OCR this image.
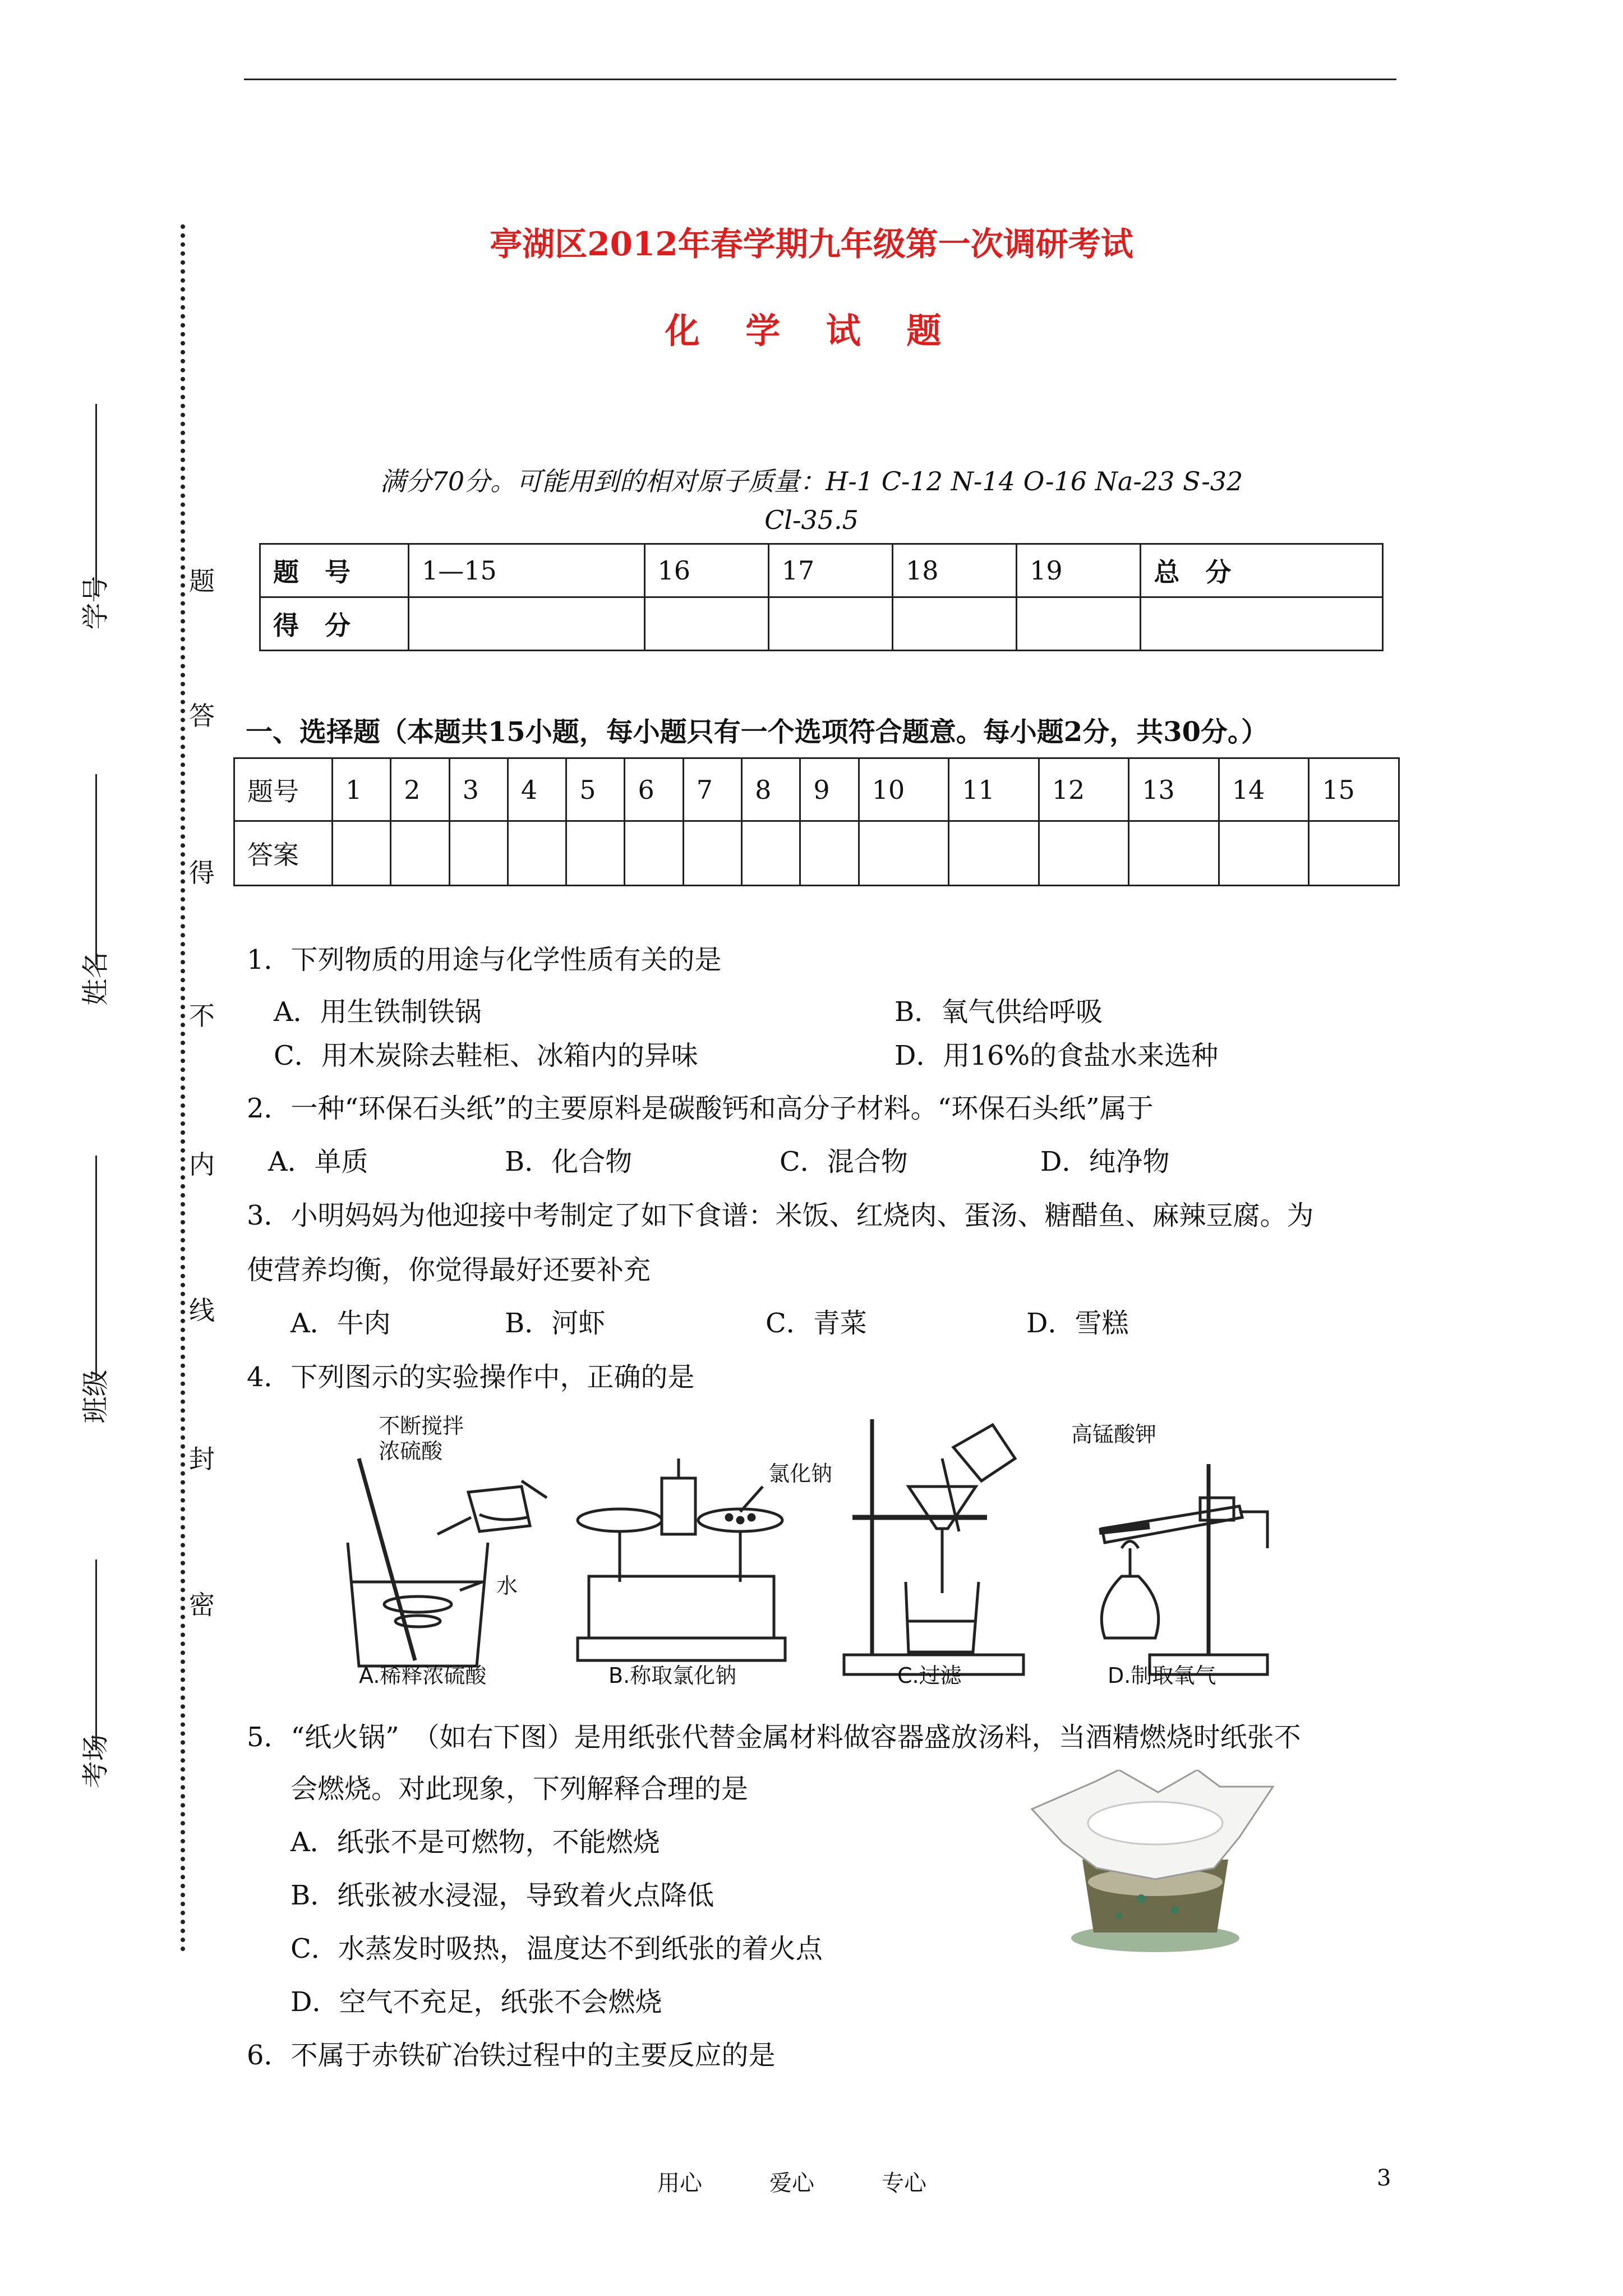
亭湖区2012年春学期九年级第一次调研考试
化 学 试 题
满分70分。可能用到的相对原子质量：H-1 C-12 N-14 O-16 Na-23 S-32
Cl-35.5
题　号	1—15	16	17	18	19	总　分
得　分						
一、选择题（本题共15小题，每小题只有一个选项符合题意。每小题2分，共30分。）
题号	1	2	3	4	5	6	7	8	9	10	11	12	13	14	15
答案															
1．下列物质的用途与化学性质有关的是
A．用生铁制铁锅	B．氧气供给呼吸
C．用木炭除去鞋柜、冰箱内的异味	D．用16%的食盐水来选种
2．一种“环保石头纸”的主要原料是碳酸钙和高分子材料。“环保石头纸”属于
A．单质	B．化合物	C．混合物	D．纯净物
3．小明妈妈为他迎接中考制定了如下食谱：米饭、红烧肉、蛋汤、糖醋鱼、麻辣豆腐。为
使营养均衡，你觉得最好还要补充
A．牛肉	B．河虾	C．青菜	D．雪糕
4．下列图示的实验操作中，正确的是
不断搅拌
浓硫酸
水
A.稀释浓硫酸
氯化钠
B.称取氯化钠	C.过滤
高锰酸钾
D.制取氧气
5．“纸火锅”　（如右下图）是用纸张代替金属材料做容器盛放汤料，当酒精燃烧时纸张不
会燃烧。对此现象，下列解释合理的是
A．纸张不是可燃物，不能燃烧
B．纸张被水浸湿，导致着火点降低
C．水蒸发时吸热，温度达不到纸张的着火点
D．空气不充足，纸张不会燃烧
6．不属于赤铁矿冶铁过程中的主要反应的是
题
答
得
不
内
线
封
密
学号
姓名
班级
考场
用心	爱心	专心	3
